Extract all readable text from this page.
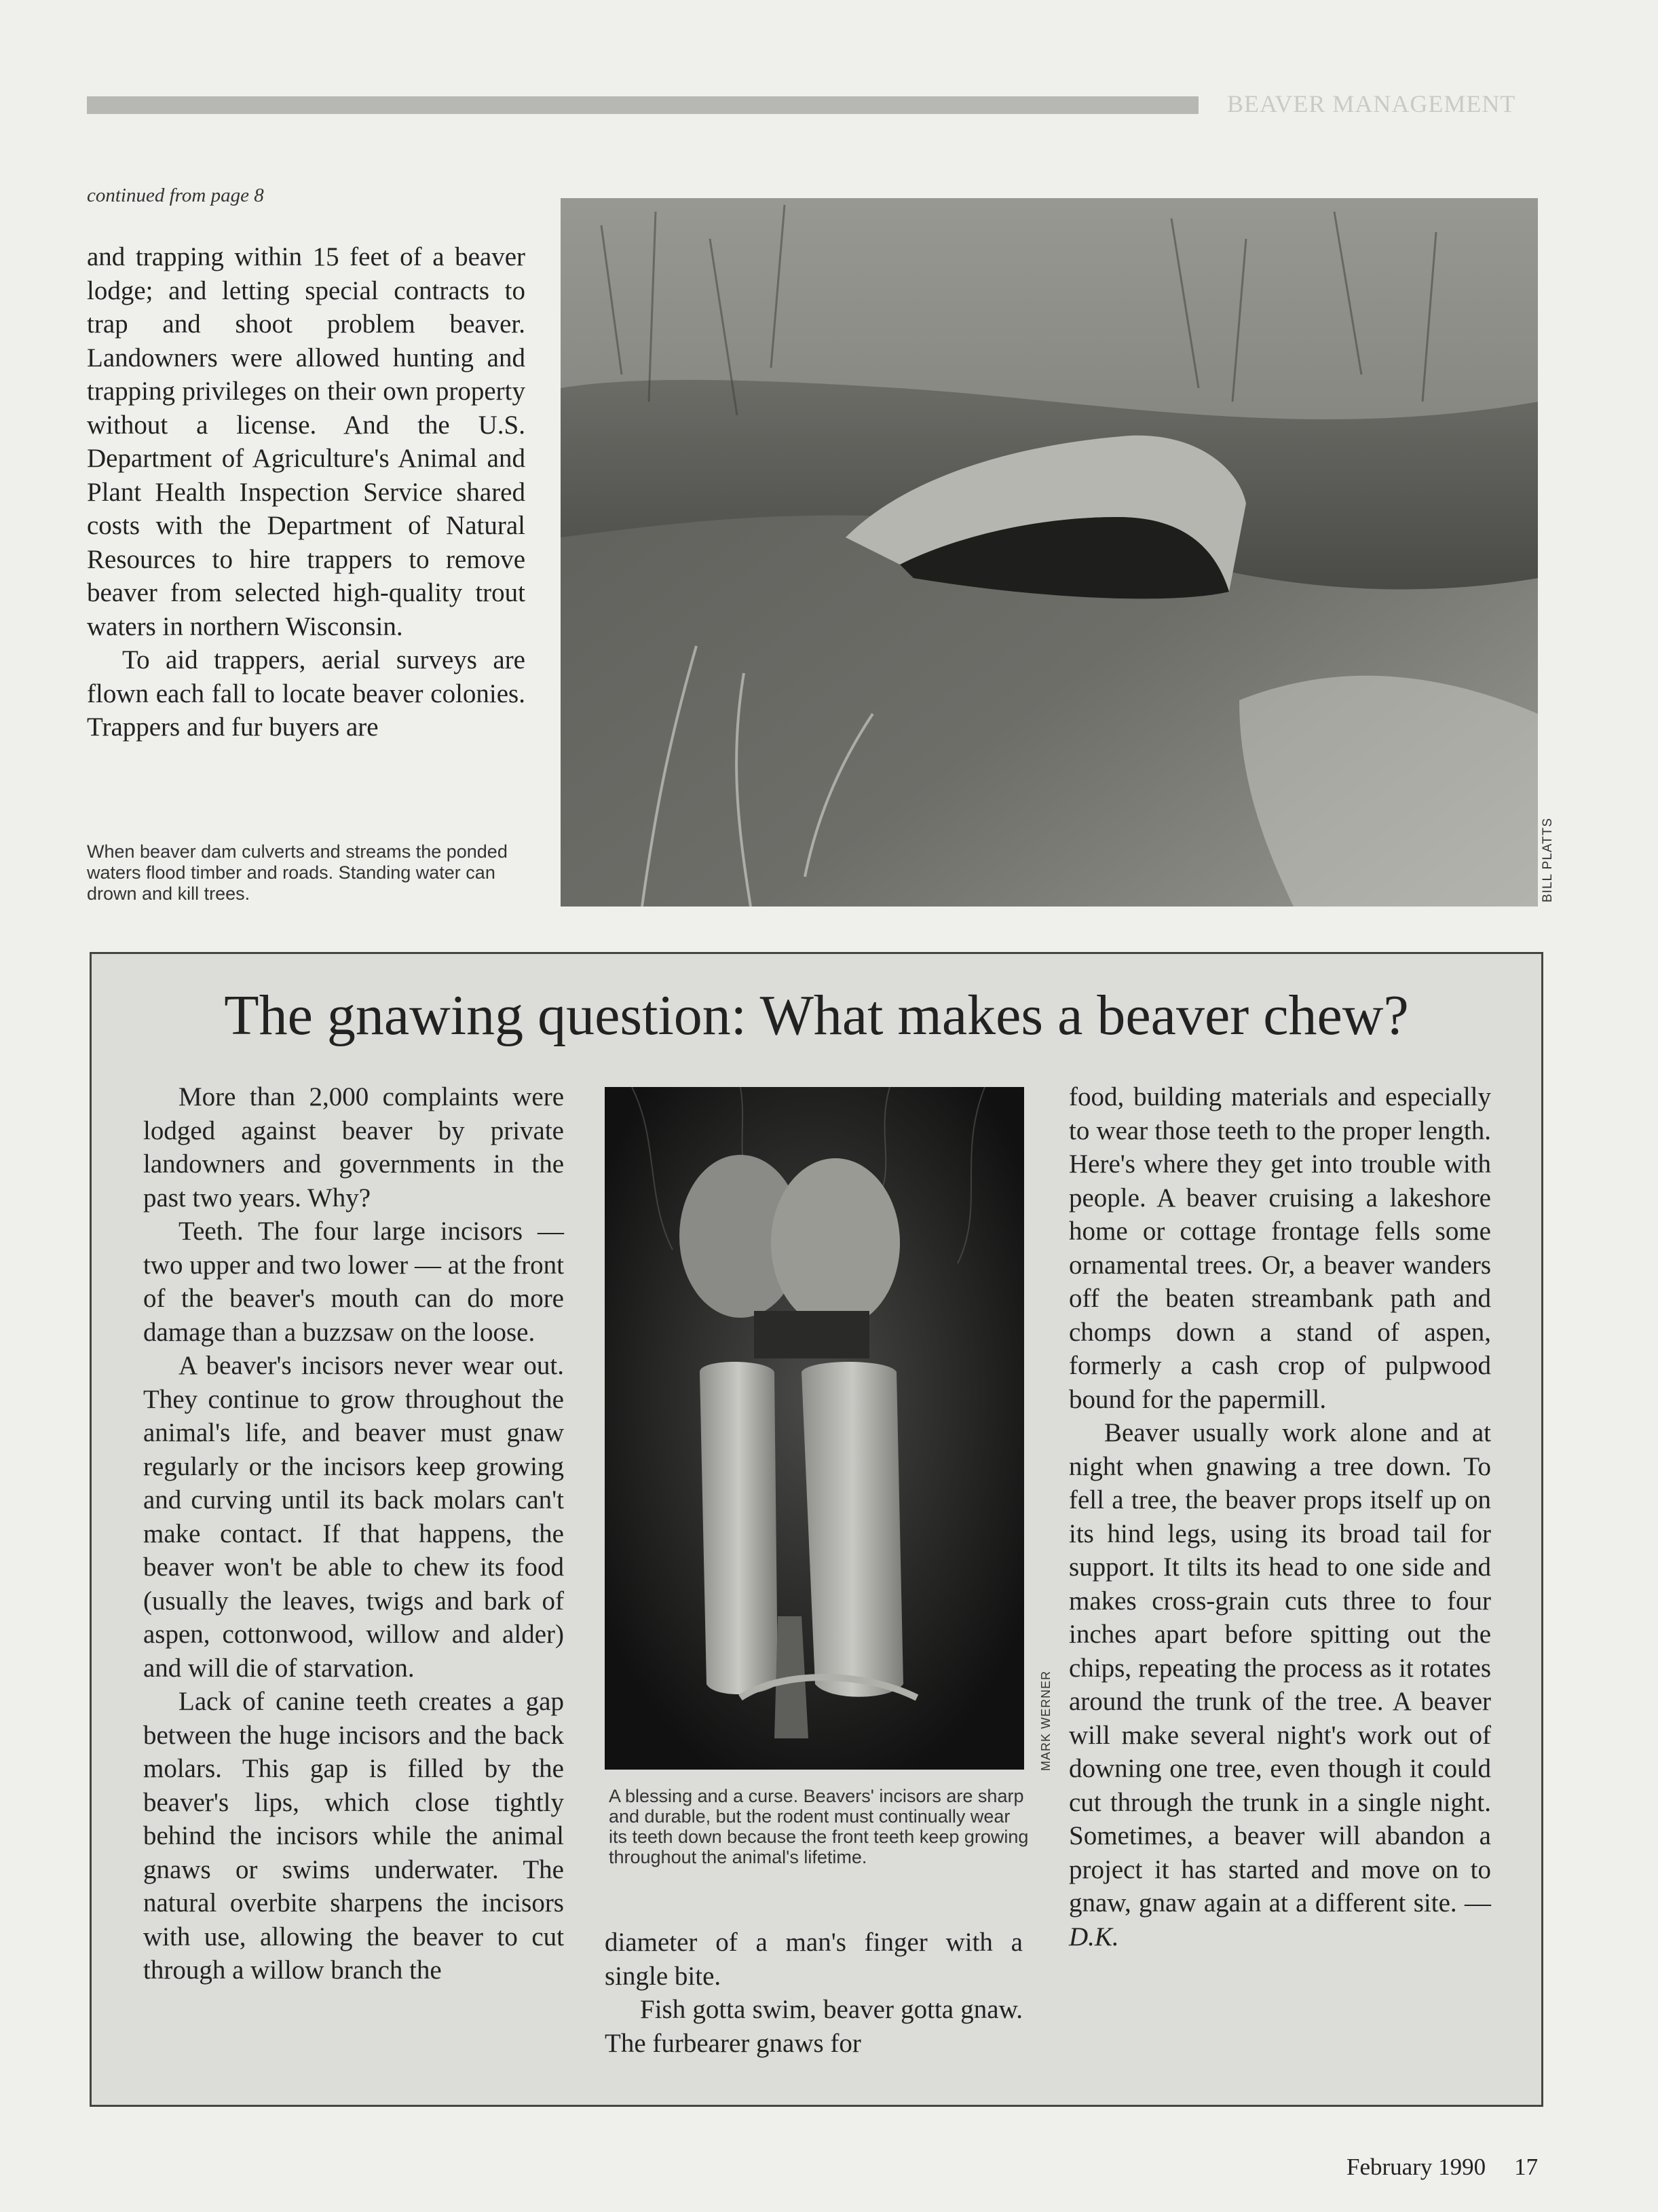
BEAVER MANAGEMENT
continued from page 8

and trapping within 15 feet of a beaver lodge; and letting special contracts to trap and shoot problem beaver. Landowners were allowed hunting and trapping privileges on their own property without a license. And the U.S. Department of Agriculture's Animal and Plant Health Inspection Service shared costs with the Department of Natural Resources to hire trappers to remove beaver from selected high-quality trout waters in northern Wisconsin.

To aid trappers, aerial surveys are flown each fall to locate beaver colonies. Trappers and fur buyers are

BILL PLATTS
When beaver dam culverts and streams the ponded waters flood timber and roads. Standing water can drown and kill trees.
The gnawing question: What makes a beaver chew?

More than 2,000 complaints were lodged against beaver by private landowners and governments in the past two years. Why?

Teeth. The four large incisors — two upper and two lower — at the front of the beaver's mouth can do more damage than a buzzsaw on the loose.

A beaver's incisors never wear out. They continue to grow throughout the animal's life, and beaver must gnaw regularly or the incisors keep growing and curving until its back molars can't make contact. If that happens, the beaver won't be able to chew its food (usually the leaves, twigs and bark of aspen, cottonwood, willow and alder) and will die of starvation.

Lack of canine teeth creates a gap between the huge incisors and the back molars. This gap is filled by the beaver's lips, which close tightly behind the incisors while the animal gnaws or swims underwater. The natural overbite sharpens the incisors with use, allowing the beaver to cut through a willow branch the

MARK WERNER
A blessing and a curse. Beavers' incisors are sharp and durable, but the rodent must continually wear its teeth down because the front teeth keep growing throughout the animal's lifetime.

diameter of a man's finger with a single bite.

Fish gotta swim, beaver gotta gnaw. The furbearer gnaws for

food, building materials and especially to wear those teeth to the proper length. Here's where they get into trouble with people. A beaver cruising a lakeshore home or cottage frontage fells some ornamental trees. Or, a beaver wanders off the beaten streambank path and chomps down a stand of aspen, formerly a cash crop of pulpwood bound for the papermill.

Beaver usually work alone and at night when gnawing a tree down. To fell a tree, the beaver props itself up on its hind legs, using its broad tail for support. It tilts its head to one side and makes cross-grain cuts three to four inches apart before spitting out the chips, repeating the process as it rotates around the trunk of the tree. A beaver will make several night's work out of downing one tree, even though it could cut through the trunk in a single night. Sometimes, a beaver will abandon a project it has started and move on to gnaw, gnaw again at a different site. — D.K.

February 1990 17
